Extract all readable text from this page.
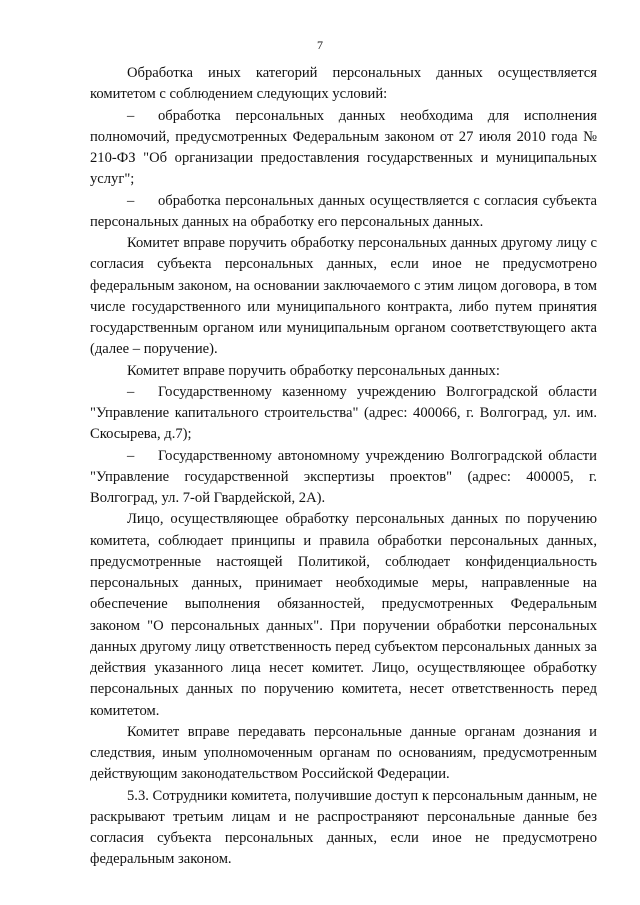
7

Обработка иных категорий персональных данных осуществляется комитетом с соблюдением следующих условий:

– обработка персональных данных необходима для исполнения полномочий, предусмотренных Федеральным законом от 27 июля 2010 года № 210-ФЗ "Об организации предоставления государственных и муниципальных услуг";

– обработка персональных данных осуществляется с согласия субъекта персональных данных на обработку его персональных данных.

Комитет вправе поручить обработку персональных данных другому лицу с согласия субъекта персональных данных, если иное не предусмотрено федеральным законом, на основании заключаемого с этим лицом договора, в том числе государственного или муниципального контракта, либо путем принятия государственным органом или муниципальным органом соответствующего акта (далее – поручение).

Комитет вправе поручить обработку персональных данных:

– Государственному казенному учреждению Волгоградской области "Управление капитального строительства" (адрес: 400066, г. Волгоград, ул. им. Скосырева, д.7);

– Государственному автономному учреждению Волгоградской области "Управление государственной экспертизы проектов" (адрес: 400005, г. Волгоград, ул. 7-ой Гвардейской, 2А).

Лицо, осуществляющее обработку персональных данных по поручению комитета, соблюдает принципы и правила обработки персональных данных, предусмотренные настоящей Политикой, соблюдает конфиденциальность персональных данных, принимает необходимые меры, направленные на обеспечение выполнения обязанностей, предусмотренных Федеральным законом "О персональных данных". При поручении обработки персональных данных другому лицу ответственность перед субъектом персональных данных за действия указанного лица несет комитет. Лицо, осуществляющее обработку персональных данных по поручению комитета, несет ответственность перед комитетом.

Комитет вправе передавать персональные данные органам дознания и следствия, иным уполномоченным органам по основаниям, предусмотренным действующим законодательством Российской Федерации.

5.3. Сотрудники комитета, получившие доступ к персональным данным, не раскрывают третьим лицам и не распространяют персональные данные без согласия субъекта персональных данных, если иное не предусмотрено федеральным законом.
